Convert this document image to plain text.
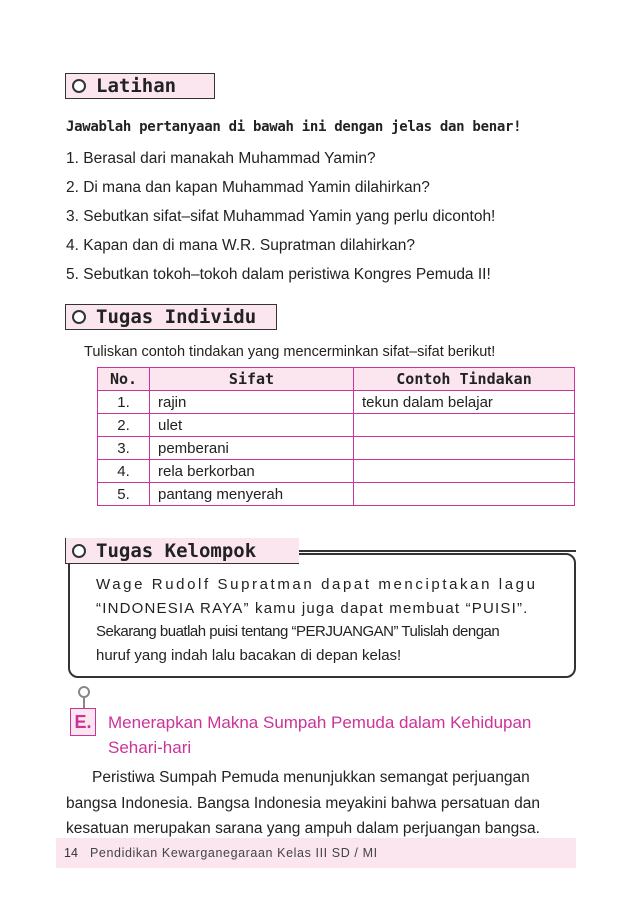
Latihan
Jawablah pertanyaan di bawah ini dengan jelas dan benar!
1. Berasal dari manakah Muhammad Yamin?
2. Di mana dan kapan Muhammad Yamin dilahirkan?
3. Sebutkan sifat–sifat Muhammad Yamin yang perlu dicontoh!
4. Kapan dan di mana W.R. Supratman dilahirkan?
5. Sebutkan tokoh–tokoh dalam peristiwa Kongres Pemuda II!
Tugas Individu
Tuliskan contoh tindakan yang mencerminkan sifat–sifat berikut!
No.	Sifat	Contoh Tindakan
1.	rajin	tekun dalam belajar
2.	ulet	
3.	pemberani	
4.	rela berkorban	
5.	pantang menyerah	
Tugas Kelompok
Wage Rudolf Supratman dapat menciptakan lagu
“INDONESIA RAYA” kamu juga dapat membuat “PUISI”.
Sekarang buatlah puisi tentang “PERJUANGAN” Tulislah dengan
huruf yang indah lalu bacakan di depan kelas!
E. Menerapkan Makna Sumpah Pemuda dalam Kehidupan Sehari-hari
Peristiwa Sumpah Pemuda menunjukkan semangat perjuangan
bangsa Indonesia. Bangsa Indonesia meyakini bahwa persatuan dan
kesatuan merupakan sarana yang ampuh dalam perjuangan bangsa.
14 Pendidikan Kewarganegaraan Kelas III SD / MI
